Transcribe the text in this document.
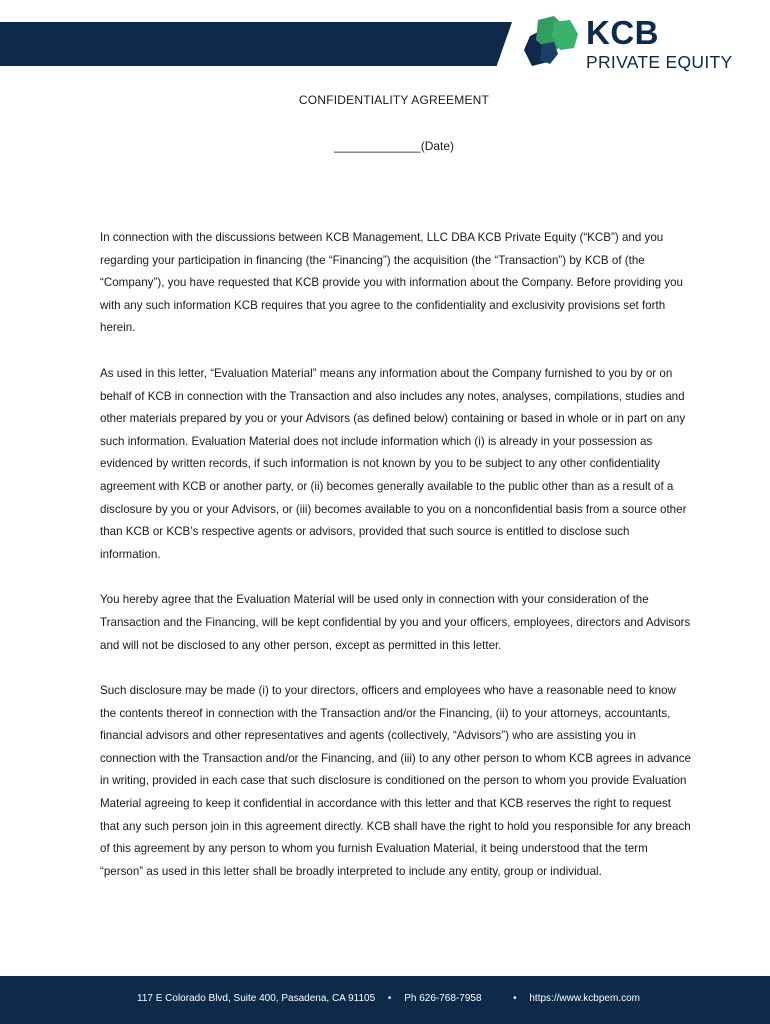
KCB
PRIVATE EQUITY
CONFIDENTIALITY AGREEMENT
_____________(Date)

In connection with the discussions between KCB Management, LLC DBA KCB Private Equity (“KCB”) and you regarding your participation in financing (the “Financing”) the acquisition (the “Transaction”) by KCB of (the “Company”), you have requested that KCB provide you with information about the Company. Before providing you with any such information KCB requires that you agree to the confidentiality and exclusivity provisions set forth herein.

As used in this letter, “Evaluation Material” means any information about the Company furnished to you by or on behalf of KCB in connection with the Transaction and also includes any notes, analyses, compilations, studies and other materials prepared by you or your Advisors (as defined below) containing or based in whole or in part on any such information. Evaluation Material does not include information which (i) is already in your possession as evidenced by written records, if such information is not known by you to be subject to any other confidentiality agreement with KCB or another party, or (ii) becomes generally available to the public other than as a result of a disclosure by you or your Advisors, or (iii) becomes available to you on a nonconfidential basis from a source other than KCB or KCB’s respective agents or advisors, provided that such source is entitled to disclose such information.

You hereby agree that the Evaluation Material will be used only in connection with your consideration of the Transaction and the Financing, will be kept confidential by you and your officers, employees, directors and Advisors and will not be disclosed to any other person, except as permitted in this letter.

Such disclosure may be made (i) to your directors, officers and employees who have a reasonable need to know the contents thereof in connection with the Transaction and/or the Financing, (ii) to your attorneys, accountants, financial advisors and other representatives and agents (collectively, “Advisors”) who are assisting you in connection with the Transaction and/or the Financing, and (iii) to any other person to whom KCB agrees in advance in writing, provided in each case that such disclosure is conditioned on the person to whom you provide Evaluation Material agreeing to keep it confidential in accordance with this letter and that KCB reserves the right to request that any such person join in this agreement directly. KCB shall have the right to hold you responsible for any breach of this agreement by any person to whom you furnish Evaluation Material, it being understood that the term “person” as used in this letter shall be broadly interpreted to include any entity, group or individual.

117 E Colorado Blvd, Suite 400, Pasadena, CA 91105 • Ph 626-768-7958	• https://www.kcbpem.com
